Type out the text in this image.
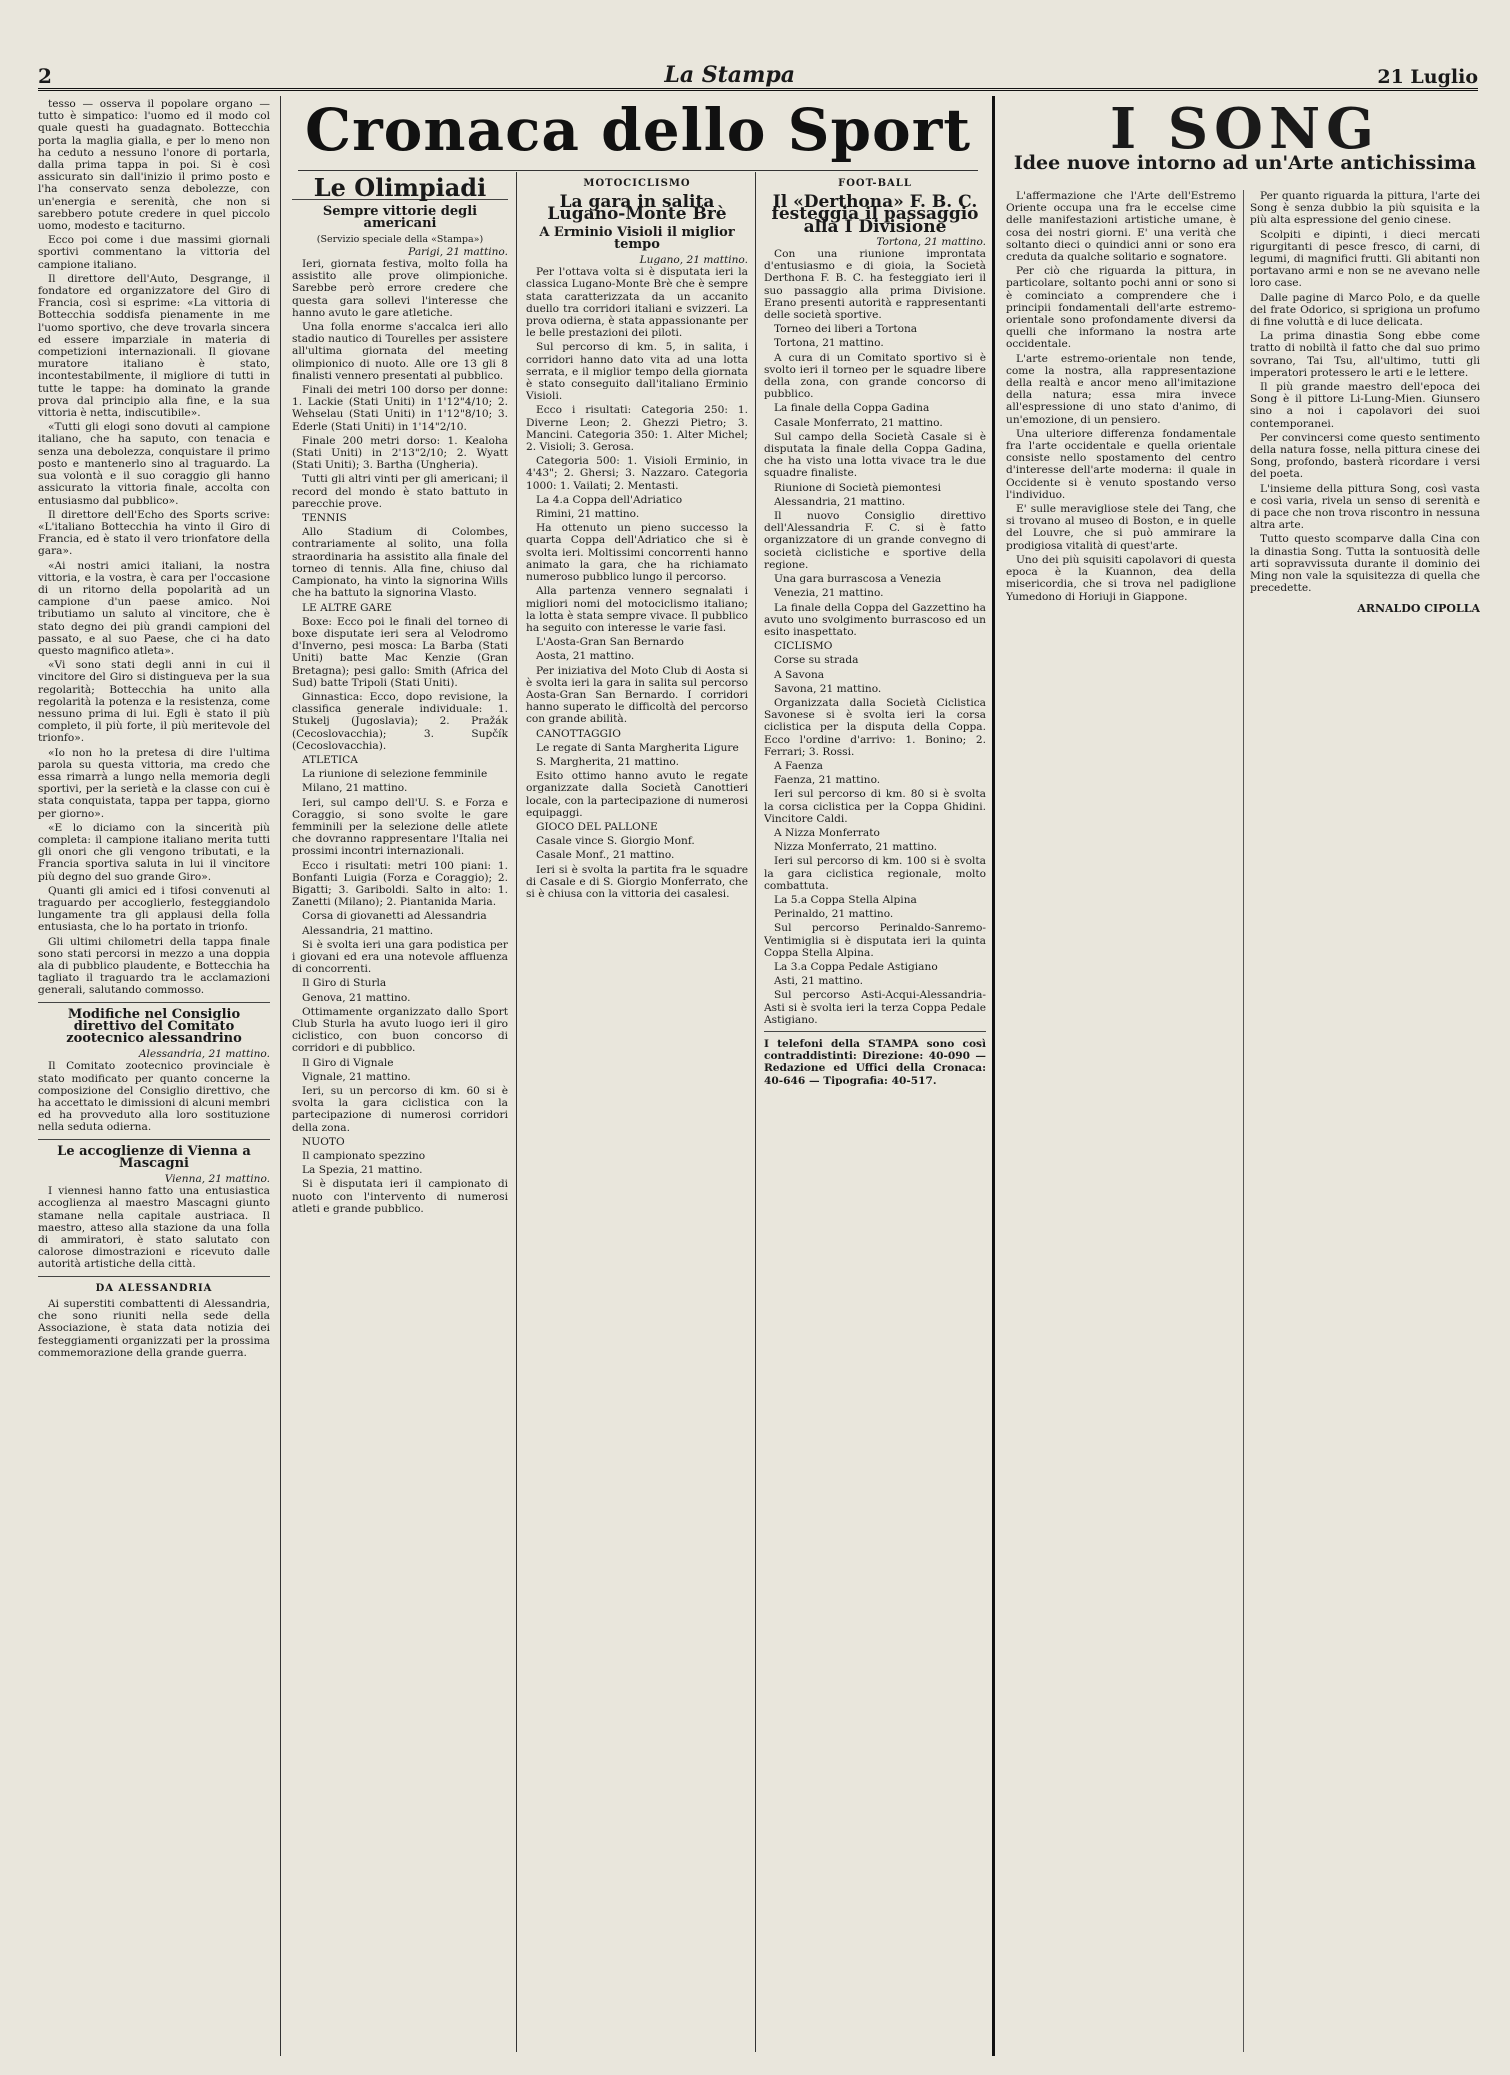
2	La Stampa	21 Luglio
Cronaca dello Sport	I SONG
Idee nuove intorno ad un'Arte antichissima

tesso — osserva il popolare organo — tutto è simpatico: l'uomo ed il modo col quale questi ha guadagnato. Bottecchia porta la maglia gialla, e per lo meno non ha ceduto a nessuno l'onore di portarla, dalla prima tappa in poi. Si è così assicurato sin dall'inizio il primo posto e l'ha conservato senza debolezze, con un'energia e serenità, che non si sarebbero potute credere in quel piccolo uomo, modesto e taciturno.

Ecco poi come i due massimi giornali sportivi commentano la vittoria del campione italiano.

Il direttore dell'Auto, Desgrange, il fondatore ed organizzatore del Giro di Francia, così si esprime: «La vittoria di Bottecchia soddisfa pienamente in me l'uomo sportivo, che deve trovarla sincera ed essere imparziale in materia di competizioni internazionali. Il giovane muratore italiano è stato, incontestabilmente, il migliore di tutti in tutte le tappe: ha dominato la grande prova dal principio alla fine, e la sua vittoria è netta, indiscutibile».

«Tutti gli elogi sono dovuti al campione italiano, che ha saputo, con tenacia e senza una debolezza, conquistare il primo posto e mantenerlo sino al traguardo. La sua volontà e il suo coraggio gli hanno assicurato la vittoria finale, accolta con entusiasmo dal pubblico».

Il direttore dell'Echo des Sports scrive: «L'italiano Bottecchia ha vinto il Giro di Francia, ed è stato il vero trionfatore della gara».

«Ai nostri amici italiani, la nostra vittoria, e la vostra, è cara per l'occasione di un ritorno della popolarità ad un campione d'un paese amico. Noi tributiamo un saluto al vincitore, che è stato degno dei più grandi campioni del passato, e al suo Paese, che ci ha dato questo magnifico atleta».

«Vi sono stati degli anni in cui il vincitore del Giro si distingueva per la sua regolarità; Bottecchia ha unito alla regolarità la potenza e la resistenza, come nessuno prima di lui. Egli è stato il più completo, il più forte, il più meritevole del trionfo».

«Io non ho la pretesa di dire l'ultima parola su questa vittoria, ma credo che essa rimarrà a lungo nella memoria degli sportivi, per la serietà e la classe con cui è stata conquistata, tappa per tappa, giorno per giorno».

«E lo diciamo con la sincerità più completa: il campione italiano merita tutti gli onori che gli vengono tributati, e la Francia sportiva saluta in lui il vincitore più degno del suo grande Giro».

Quanti gli amici ed i tifosi convenuti al traguardo per accoglierlo, festeggiandolo lungamente tra gli applausi della folla entusiasta, che lo ha portato in trionfo.

Gli ultimi chilometri della tappa finale sono stati percorsi in mezzo a una doppia ala di pubblico plaudente, e Bottecchia ha tagliato il traguardo tra le acclamazioni generali, salutando commosso.

Modifiche nel Consiglio direttivo del Comitato zootecnico alessandrino
Alessandria, 21 mattino.

Il Comitato zootecnico provinciale è stato modificato per quanto concerne la composizione del Consiglio direttivo, che ha accettato le dimissioni di alcuni membri ed ha provveduto alla loro sostituzione nella seduta odierna.

Le accoglienze di Vienna a Mascagni
Vienna, 21 mattino.

I viennesi hanno fatto una entusiastica accoglienza al maestro Mascagni giunto stamane nella capitale austriaca. Il maestro, atteso alla stazione da una folla di ammiratori, è stato salutato con calorose dimostrazioni e ricevuto dalle autorità artistiche della città.

DA ALESSANDRIA

Ai superstiti combattenti di Alessandria, che sono riuniti nella sede della Associazione, è stata data notizia dei festeggiamenti organizzati per la prossima commemorazione della grande guerra.

Le Olimpiadi
Sempre vittorie degli americani
(Servizio speciale della «Stampa»)
Parigi, 21 mattino.

Ieri, giornata festiva, molto folla ha assistito alle prove olimpioniche. Sarebbe però errore credere che questa gara sollevi l'interesse che hanno avuto le gare atletiche.

Una folla enorme s'accalca ieri allo stadio nautico di Tourelles per assistere all'ultima giornata del meeting olimpionico di nuoto. Alle ore 13 gli 8 finalisti vennero presentati al pubblico.

Finali dei metri 100 dorso per donne: 1. Lackie (Stati Uniti) in 1'12"4/10; 2. Wehselau (Stati Uniti) in 1'12"8/10; 3. Ederle (Stati Uniti) in 1'14"2/10.

Finale 200 metri dorso: 1. Kealoha (Stati Uniti) in 2'13"2/10; 2. Wyatt (Stati Uniti); 3. Bartha (Ungheria).

Tutti gli altri vinti per gli americani; il record del mondo è stato battuto in parecchie prove.

TENNIS

Allo Stadium di Colombes, contrariamente al solito, una folla straordinaria ha assistito alla finale del torneo di tennis. Alla fine, chiuso dal Campionato, ha vinto la signorina Wills che ha battuto la signorina Vlasto.

LE ALTRE GARE

Boxe: Ecco poi le finali del torneo di boxe disputate ieri sera al Velodromo d'Inverno, pesi mosca: La Barba (Stati Uniti) batte Mac Kenzie (Gran Bretagna); pesi gallo: Smith (Africa del Sud) batte Tripoli (Stati Uniti).

Ginnastica: Ecco, dopo revisione, la classifica generale individuale: 1. Stukelj (Jugoslavia); 2. Pražák (Cecoslovacchia); 3. Supčík (Cecoslovacchia).

ATLETICA

La riunione di selezione femminile

Milano, 21 mattino.

Ieri, sul campo dell'U. S. e Forza e Coraggio, si sono svolte le gare femminili per la selezione delle atlete che dovranno rappresentare l'Italia nei prossimi incontri internazionali.

Ecco i risultati: metri 100 piani: 1. Bonfanti Luigia (Forza e Coraggio); 2. Bigatti; 3. Gariboldi. Salto in alto: 1. Zanetti (Milano); 2. Piantanida Maria.

Corsa di giovanetti ad Alessandria

Alessandria, 21 mattino.

Si è svolta ieri una gara podistica per i giovani ed era una notevole affluenza di concorrenti.

Il Giro di Sturla

Genova, 21 mattino.

Ottimamente organizzato dallo Sport Club Sturla ha avuto luogo ieri il giro ciclistico, con buon concorso di corridori e di pubblico.

Il Giro di Vignale

Vignale, 21 mattino.

Ieri, su un percorso di km. 60 si è svolta la gara ciclistica con la partecipazione di numerosi corridori della zona.

NUOTO

Il campionato spezzino

La Spezia, 21 mattino.

Si è disputata ieri il campionato di nuoto con l'intervento di numerosi atleti e grande pubblico.

MOTOCICLISMO
La gara in salita Lugano-Monte Brè
A Erminio Visioli il miglior tempo
Lugano, 21 mattino.

Per l'ottava volta si è disputata ieri la classica Lugano-Monte Brè che è sempre stata caratterizzata da un accanito duello tra corridori italiani e svizzeri. La prova odierna, è stata appassionante per le belle prestazioni dei piloti.

Sul percorso di km. 5, in salita, i corridori hanno dato vita ad una lotta serrata, e il miglior tempo della giornata è stato conseguito dall'italiano Erminio Visioli.

Ecco i risultati: Categoria 250: 1. Diverne Leon; 2. Ghezzi Pietro; 3. Mancini. Categoria 350: 1. Alter Michel; 2. Visioli; 3. Gerosa.

Categoria 500: 1. Visioli Erminio, in 4'43"; 2. Ghersi; 3. Nazzaro. Categoria 1000: 1. Vailati; 2. Mentasti.

La 4.a Coppa dell'Adriatico

Rimini, 21 mattino.

Ha ottenuto un pieno successo la quarta Coppa dell'Adriatico che si è svolta ieri. Moltissimi concorrenti hanno animato la gara, che ha richiamato numeroso pubblico lungo il percorso.

Alla partenza vennero segnalati i migliori nomi del motociclismo italiano; la lotta è stata sempre vivace. Il pubblico ha seguito con interesse le varie fasi.

L'Aosta-Gran San Bernardo

Aosta, 21 mattino.

Per iniziativa del Moto Club di Aosta si è svolta ieri la gara in salita sul percorso Aosta-Gran San Bernardo. I corridori hanno superato le difficoltà del percorso con grande abilità.

CANOTTAGGIO

Le regate di Santa Margherita Ligure

S. Margherita, 21 mattino.

Esito ottimo hanno avuto le regate organizzate dalla Società Canottieri locale, con la partecipazione di numerosi equipaggi.

GIOCO DEL PALLONE

Casale vince S. Giorgio Monf.

Casale Monf., 21 mattino.

Ieri si è svolta la partita fra le squadre di Casale e di S. Giorgio Monferrato, che si è chiusa con la vittoria dei casalesi.

FOOT-BALL
Il «Derthona» F. B. C. festeggia il passaggio alla I Divisione
Tortona, 21 mattino.

Con una riunione improntata d'entusiasmo e di gioia, la Società Derthona F. B. C. ha festeggiato ieri il suo passaggio alla prima Divisione. Erano presenti autorità e rappresentanti delle società sportive.

Torneo dei liberi a Tortona

Tortona, 21 mattino.

A cura di un Comitato sportivo si è svolto ieri il torneo per le squadre libere della zona, con grande concorso di pubblico.

La finale della Coppa Gadina

Casale Monferrato, 21 mattino.

Sul campo della Società Casale si è disputata la finale della Coppa Gadina, che ha visto una lotta vivace tra le due squadre finaliste.

Riunione di Società piemontesi

Alessandria, 21 mattino.

Il nuovo Consiglio direttivo dell'Alessandria F. C. si è fatto organizzatore di un grande convegno di società ciclistiche e sportive della regione.

Una gara burrascosa a Venezia

Venezia, 21 mattino.

La finale della Coppa del Gazzettino ha avuto uno svolgimento burrascoso ed un esito inaspettato.

CICLISMO

Corse su strada

A Savona

Savona, 21 mattino.

Organizzata dalla Società Ciclistica Savonese si è svolta ieri la corsa ciclistica per la disputa della Coppa. Ecco l'ordine d'arrivo: 1. Bonino; 2. Ferrari; 3. Rossi.

A Faenza

Faenza, 21 mattino.

Ieri sul percorso di km. 80 si è svolta la corsa ciclistica per la Coppa Ghidini. Vincitore Caldi.

A Nizza Monferrato

Nizza Monferrato, 21 mattino.

Ieri sul percorso di km. 100 si è svolta la gara ciclistica regionale, molto combattuta.

La 5.a Coppa Stella Alpina

Perinaldo, 21 mattino.

Sul percorso Perinaldo-Sanremo-Ventimiglia si è disputata ieri la quinta Coppa Stella Alpina.

La 3.a Coppa Pedale Astigiano

Asti, 21 mattino.

Sul percorso Asti-Acqui-Alessandria-Asti si è svolta ieri la terza Coppa Pedale Astigiano.

I telefoni della STAMPA sono così contraddistinti: Direzione: 40-090 — Redazione ed Uffici della Cronaca: 40-646 — Tipografia: 40-517.

L'affermazione che l'Arte dell'Estremo Oriente occupa una fra le eccelse cime delle manifestazioni artistiche umane, è cosa dei nostri giorni. E' una verità che soltanto dieci o quindici anni or sono era creduta da qualche solitario e sognatore.

Per ciò che riguarda la pittura, in particolare, soltanto pochi anni or sono si è cominciato a comprendere che i principii fondamentali dell'arte estremo-orientale sono profondamente diversi da quelli che informano la nostra arte occidentale.

L'arte estremo-orientale non tende, come la nostra, alla rappresentazione della realtà e ancor meno all'imitazione della natura; essa mira invece all'espressione di uno stato d'animo, di un'emozione, di un pensiero.

Una ulteriore differenza fondamentale fra l'arte occidentale e quella orientale consiste nello spostamento del centro d'interesse dell'arte moderna: il quale in Occidente si è venuto spostando verso l'individuo.

E' sulle meravigliose stele dei Tang, che si trovano al museo di Boston, e in quelle del Louvre, che si può ammirare la prodigiosa vitalità di quest'arte.

Uno dei più squisiti capolavori di questa epoca è la Kuannon, dea della misericordia, che si trova nel padiglione Yumedono di Horiuji in Giappone.

Per quanto riguarda la pittura, l'arte dei Song è senza dubbio la più squisita e la più alta espressione del genio cinese.

Scolpiti e dipinti, i dieci mercati rigurgitanti di pesce fresco, di carni, di legumi, di magnifici frutti. Gli abitanti non portavano armi e non se ne avevano nelle loro case.

Dalle pagine di Marco Polo, e da quelle del frate Odorico, si sprigiona un profumo di fine voluttà e di luce delicata.

La prima dinastia Song ebbe come tratto di nobiltà il fatto che dal suo primo sovrano, Tai Tsu, all'ultimo, tutti gli imperatori protessero le arti e le lettere.

Il più grande maestro dell'epoca dei Song è il pittore Li-Lung-Mien. Giunsero sino a noi i capolavori dei suoi contemporanei.

Per convincersi come questo sentimento della natura fosse, nella pittura cinese dei Song, profondo, basterà ricordare i versi del poeta.

L'insieme della pittura Song, così vasta e così varia, rivela un senso di serenità e di pace che non trova riscontro in nessuna altra arte.

Tutto questo scomparve dalla Cina con la dinastia Song. Tutta la sontuosità delle arti sopravvissuta durante il dominio dei Ming non vale la squisitezza di quella che precedette.

ARNALDO CIPOLLA
